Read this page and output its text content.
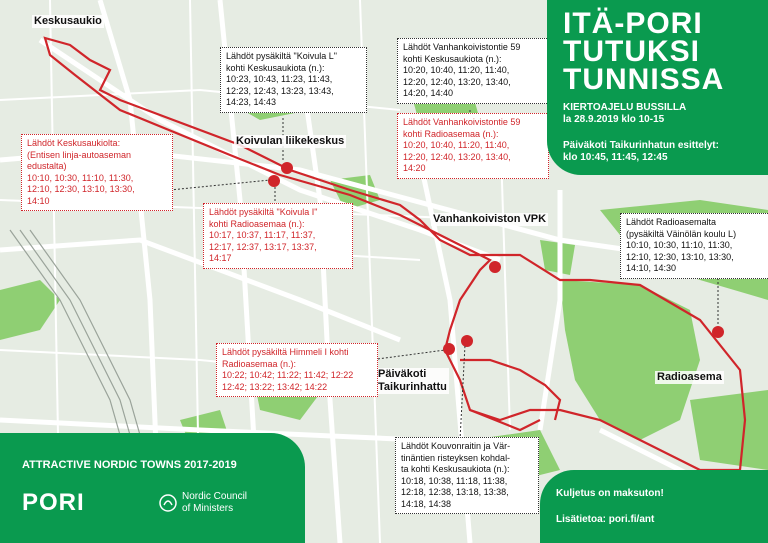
Keskusaukio
Koivulan liikekeskus
Vanhankoiviston VPK
Päiväkoti
Taikurinhattu
Radioasema
Lähdöt pysäkiltä "Koivula L"
kohti Keskusaukiota (n.):
10:23, 10:43, 11:23, 11:43,
12:23, 12:43, 13:23, 13:43,
14:23, 14:43
Lähdöt Vanhankoivistontie 59
kohti Keskusaukiota (n.):
10:20, 10:40, 11:20, 11:40,
12:20, 12:40, 13:20, 13:40,
14:20, 14:40
Lähdöt Vanhankoivistontie 59
kohti Radioasemaa (n.):
10:20, 10:40, 11:20, 11:40,
12:20, 12:40, 13:20, 13:40,
14:20
Lähdöt Keskusaukiolta:
(Entisen linja-autoaseman
edustalta)
10:10, 10:30, 11:10, 11:30,
12:10, 12:30, 13:10, 13:30,
14:10
Lähdöt pysäkiltä "Koivula I"
kohti Radioasemaa (n.):
10:17, 10:37, 11:17, 11:37,
12:17, 12:37, 13:17, 13:37,
14:17
Lähdöt Radioasemalta
(pysäkiltä Väinölän koulu L)
10:10, 10:30, 11:10, 11:30,
12:10, 12:30, 13:10, 13:30,
14:10, 14:30
Lähdöt pysäkiltä Himmeli I kohti
Radioasemaa (n.):
10:22; 10:42; 11:22; 11:42; 12:22
12:42; 13:22; 13:42; 14:22
Lähdöt Kouvonraitin ja Vär-
tinäntien risteyksen kohdal-
ta kohti Keskusaukiota (n.):
10:18, 10:38, 11:18, 11:38,
12:18, 12:38, 13:18, 13:38,
14:18, 14:38
ITÄ-PORI
TUTUKSI
TUNNISSA
KIERTOAJELU BUSSILLA
la 28.9.2019 klo 10-15
Päiväkoti Taikurinhatun esittelyt:
klo 10:45, 11:45, 12:45
ATTRACTIVE NORDIC TOWNS 2017-2019
PORI	Nordic Council
of Ministers
Kuljetus on maksuton!
Lisätietoa: pori.fi/ant
